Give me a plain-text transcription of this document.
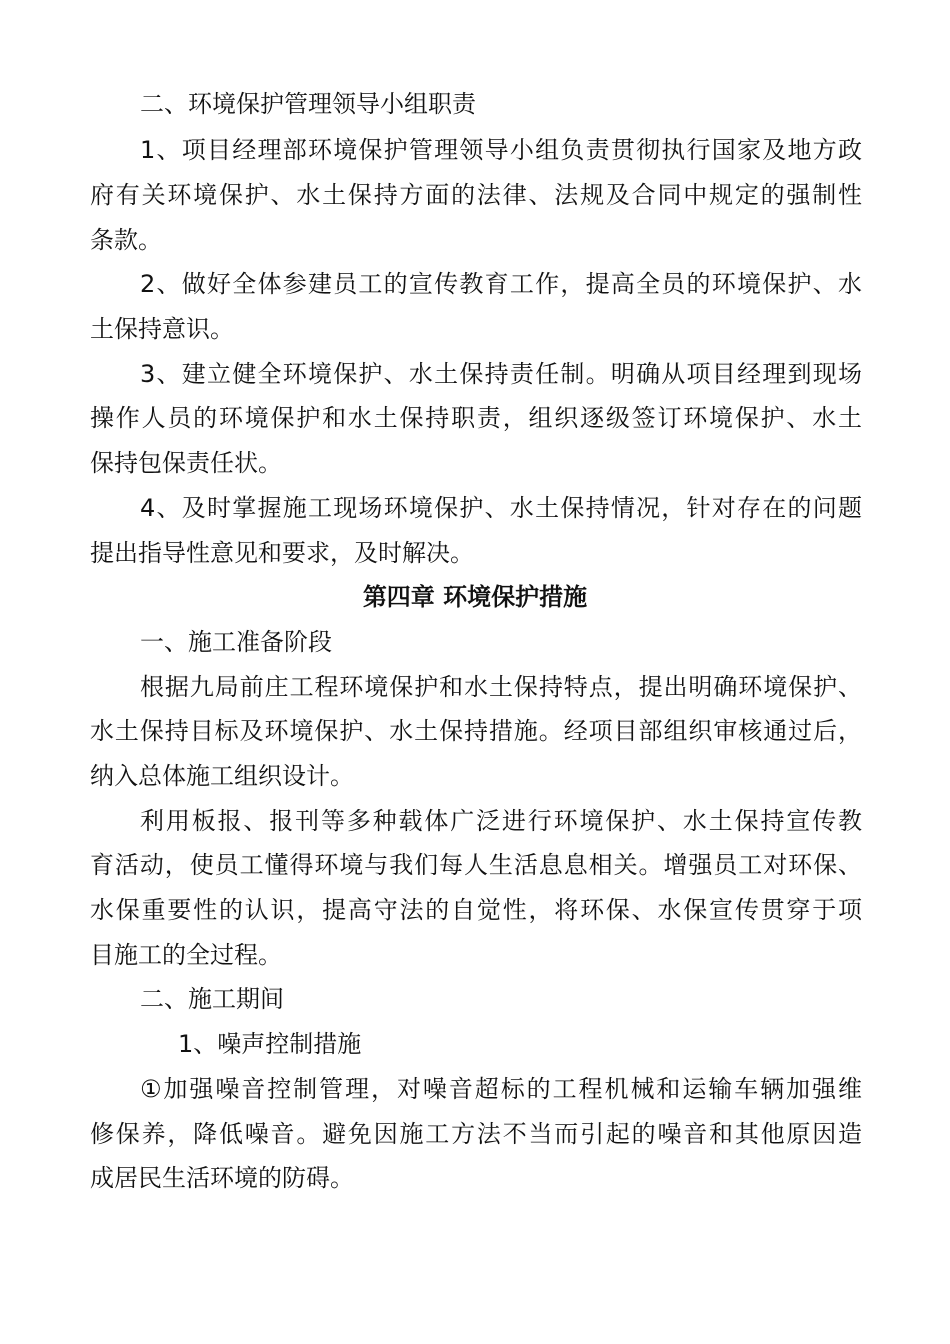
二、环境保护管理领导小组职责
1、项目经理部环境保护管理领导小组负责贯彻执行国家及地方政
府有关环境保护、水土保持方面的法律、法规及合同中规定的强制性
条款。
2、做好全体参建员工的宣传教育工作，提高全员的环境保护、水
土保持意识。
3、建立健全环境保护、水土保持责任制。明确从项目经理到现场
操作人员的环境保护和水土保持职责，组织逐级签订环境保护、水土
保持包保责任状。
4、及时掌握施工现场环境保护、水土保持情况，针对存在的问题
提出指导性意见和要求，及时解决。
第四章 环境保护措施
一、施工准备阶段
根据九局前庄工程环境保护和水土保持特点，提出明确环境保护、
水土保持目标及环境保护、水土保持措施。经项目部组织审核通过后，
纳入总体施工组织设计。
利用板报、报刊等多种载体广泛进行环境保护、水土保持宣传教
育活动，使员工懂得环境与我们每人生活息息相关。增强员工对环保、
水保重要性的认识，提高守法的自觉性，将环保、水保宣传贯穿于项
目施工的全过程。
二、施工期间
1、噪声控制措施
①加强噪音控制管理，对噪音超标的工程机械和运输车辆加强维
修保养，降低噪音。避免因施工方法不当而引起的噪音和其他原因造
成居民生活环境的防碍。
